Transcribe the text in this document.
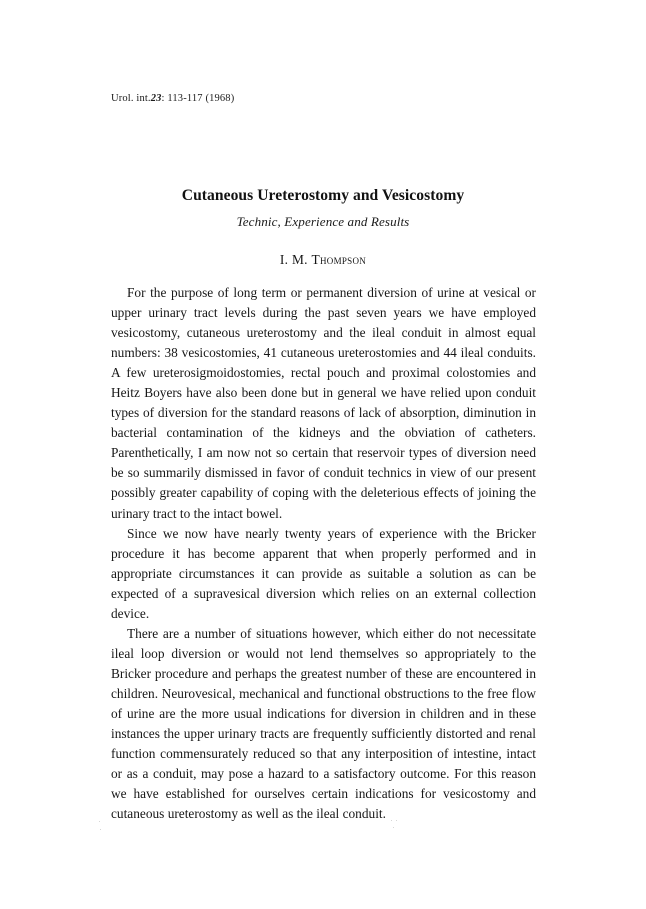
Urol. int.23: 113-117 (1968)
Cutaneous Ureterostomy and Vesicostomy
Technic, Experience and Results
I. M. Thompson

For the purpose of long term or permanent diversion of urine at vesical or upper urinary tract levels during the past seven years we have employed vesicostomy, cutaneous ureterostomy and the ileal conduit in almost equal numbers: 38 vesicostomies, 41 cutaneous ureterostomies and 44 ileal conduits. A few ureterosigmoidostomies, rectal pouch and proximal colostomies and Heitz Boyers have also been done but in general we have relied upon conduit types of diversion for the standard reasons of lack of absorption, diminution in bacterial contamination of the kidneys and the obviation of catheters. Parenthetically, I am now not so certain that reservoir types of diversion need be so summarily dismissed in favor of conduit technics in view of our present possibly greater capability of coping with the deleterious effects of joining the urinary tract to the intact bowel.

Since we now have nearly twenty years of experience with the Bricker procedure it has become apparent that when properly performed and in appropriate circumstances it can provide as suitable a solution as can be expected of a supravesical diversion which relies on an external collection device.

There are a number of situations however, which either do not necessitate ileal loop diversion or would not lend themselves so appropriately to the Bricker procedure and perhaps the greatest number of these are encountered in children. Neurovesical, mechanical and functional obstructions to the free flow of urine are the more usual indications for diversion in children and in these instances the upper urinary tracts are frequently sufficiently distorted and renal function commensurately reduced so that any interposition of intestine, intact or as a conduit, may pose a hazard to a satisfactory outcome. For this reason we have established for ourselves certain indications for vesicostomy and cutaneous ureterostomy as well as the ileal conduit.
